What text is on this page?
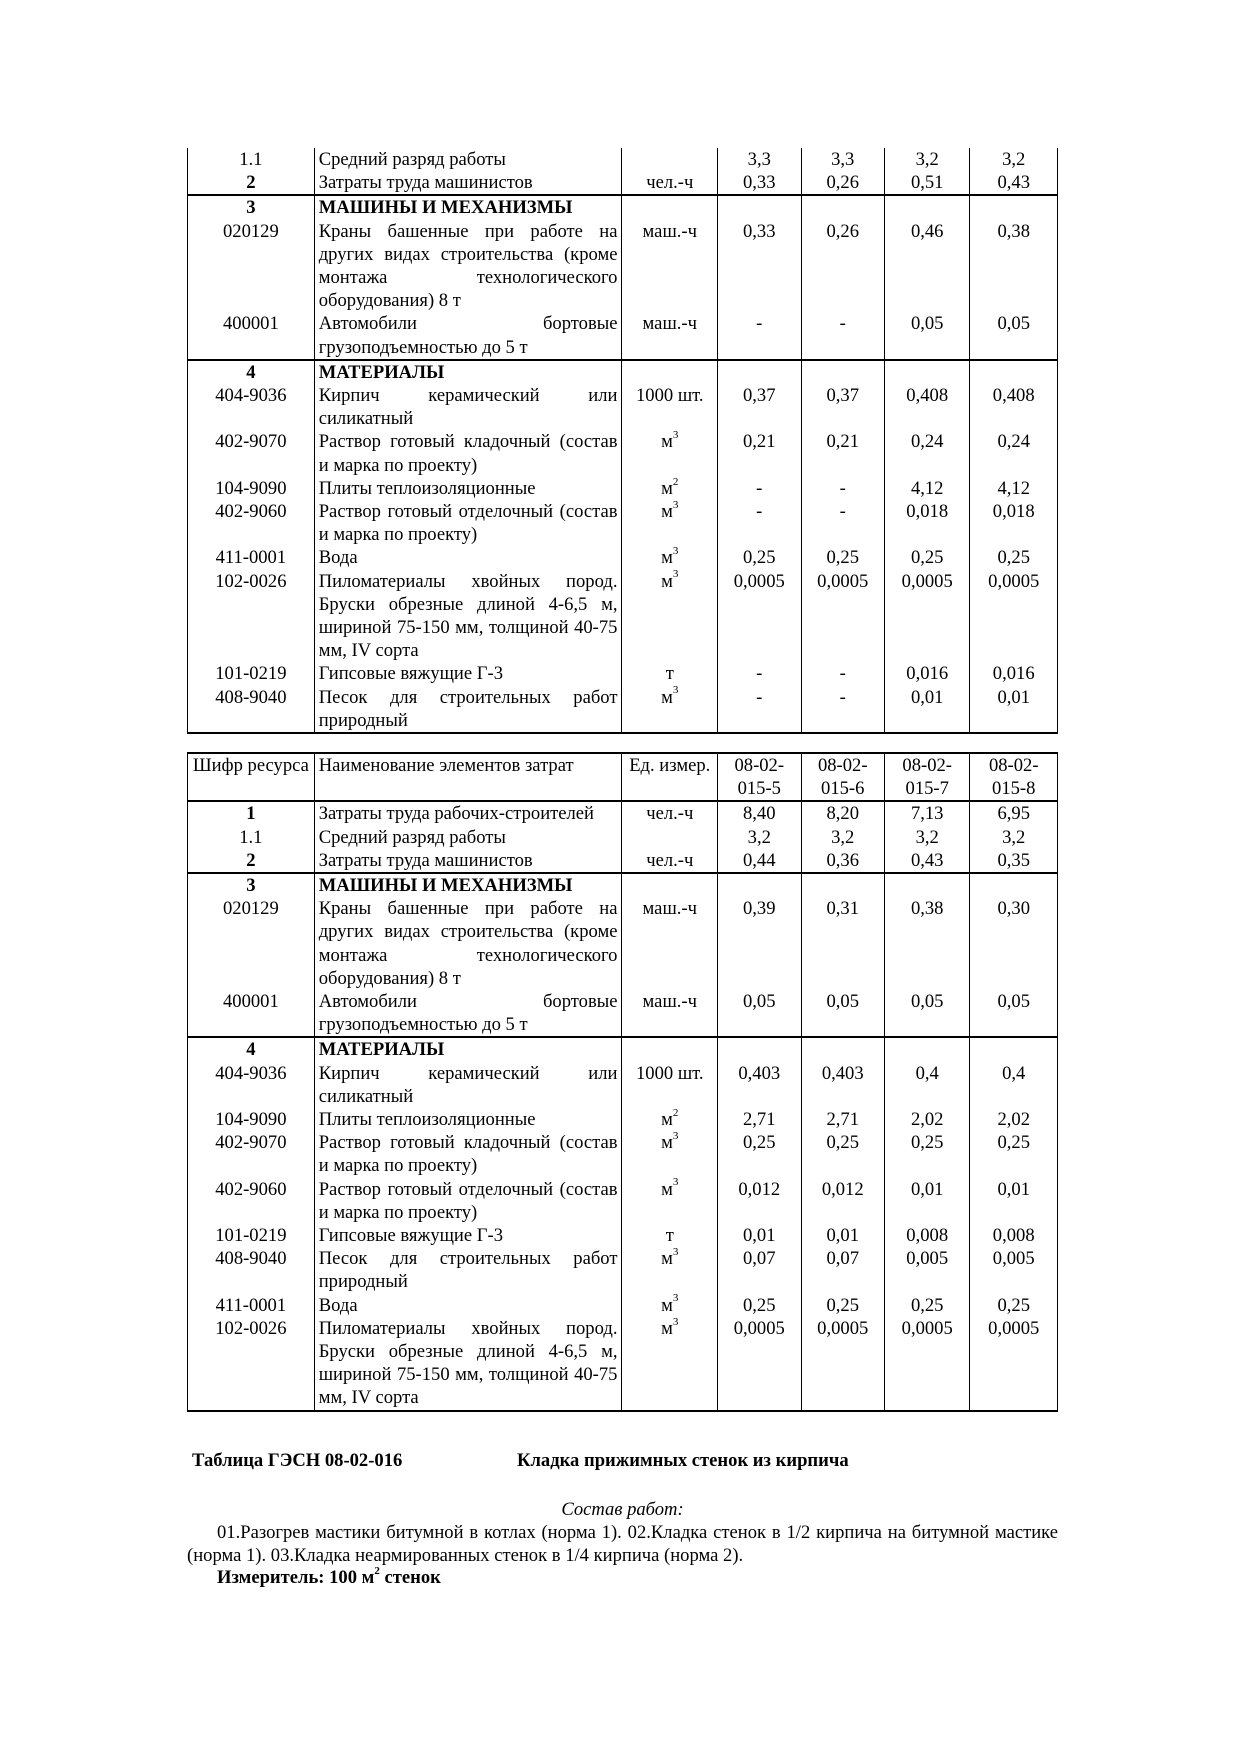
1.1	Средний разряд работы		3,3	3,3	3,2	3,2
2	Затраты труда машинистов	чел.-ч	0,33	0,26	0,51	0,43
3	МАШИНЫ И МЕХАНИЗМЫ					
020129	Краны башенные при работе на других видах строительства (кроме монтажа технологического оборудования) 8 т	маш.-ч	0,33	0,26	0,46	0,38
400001	Автомобили бортовые грузоподъемностью до 5 т	маш.-ч	-	-	0,05	0,05
4	МАТЕРИАЛЫ					
404-9036	Кирпич керамический или силикатный	1000 шт.	0,37	0,37	0,408	0,408
402-9070	Раствор готовый кладочный (состав и марка по проекту)	$м^3$	0,21	0,21	0,24	0,24
104-9090	Плиты теплоизоляционные	$м^2$	-	-	4,12	4,12
402-9060	Раствор готовый отделочный (состав и марка по проекту)	$м^3$	-	-	0,018	0,018
411-0001	Вода	$м^3$	0,25	0,25	0,25	0,25
102-0026	Пиломатериалы хвойных пород. Бруски обрезные длиной 4-6,5 м, шириной 75-150 мм, толщиной 40-75 мм, IV сорта	$м^3$	0,0005	0,0005	0,0005	0,0005
101-0219	Гипсовые вяжущие Г-3	т	-	-	0,016	0,016
408-9040	Песок для строительных работ природный	$м^3$	-	-	0,01	0,01
Шифр ресурса	Наименование элементов затрат	Ед. измер.	08-02-015-5	08-02-015-6	08-02-015-7	08-02-015-8
1	Затраты труда рабочих-строителей	чел.-ч	8,40	8,20	7,13	6,95
1.1	Средний разряд работы		3,2	3,2	3,2	3,2
2	Затраты труда машинистов	чел.-ч	0,44	0,36	0,43	0,35
3	МАШИНЫ И МЕХАНИЗМЫ					
020129	Краны башенные при работе на других видах строительства (кроме монтажа технологического оборудования) 8 т	маш.-ч	0,39	0,31	0,38	0,30
400001	Автомобили бортовые грузоподъемностью до 5 т	маш.-ч	0,05	0,05	0,05	0,05
4	МАТЕРИАЛЫ					
404-9036	Кирпич керамический или силикатный	1000 шт.	0,403	0,403	0,4	0,4
104-9090	Плиты теплоизоляционные	$м^2$	2,71	2,71	2,02	2,02
402-9070	Раствор готовый кладочный (состав и марка по проекту)	$м^3$	0,25	0,25	0,25	0,25
402-9060	Раствор готовый отделочный (состав и марка по проекту)	$м^3$	0,012	0,012	0,01	0,01
101-0219	Гипсовые вяжущие Г-3	т	0,01	0,01	0,008	0,008
408-9040	Песок для строительных работ природный	$м^3$	0,07	0,07	0,005	0,005
411-0001	Вода	$м^3$	0,25	0,25	0,25	0,25
102-0026	Пиломатериалы хвойных пород. Бруски обрезные длиной 4-6,5 м, шириной 75-150 мм, толщиной 40-75 мм, IV сорта	$м^3$	0,0005	0,0005	0,0005	0,0005
Таблица ГЭСН 08-02-016	Кладка прижимных стенок из кирпича
Состав работ:
01.Разогрев мастики битумной в котлах (норма 1). 02.Кладка стенок в 1/2 кирпича на битумной мастике (норма 1). 03.Кладка неармированных стенок в 1/4 кирпича (норма 2).
Измеритель: 100 $м^2$ стенок
